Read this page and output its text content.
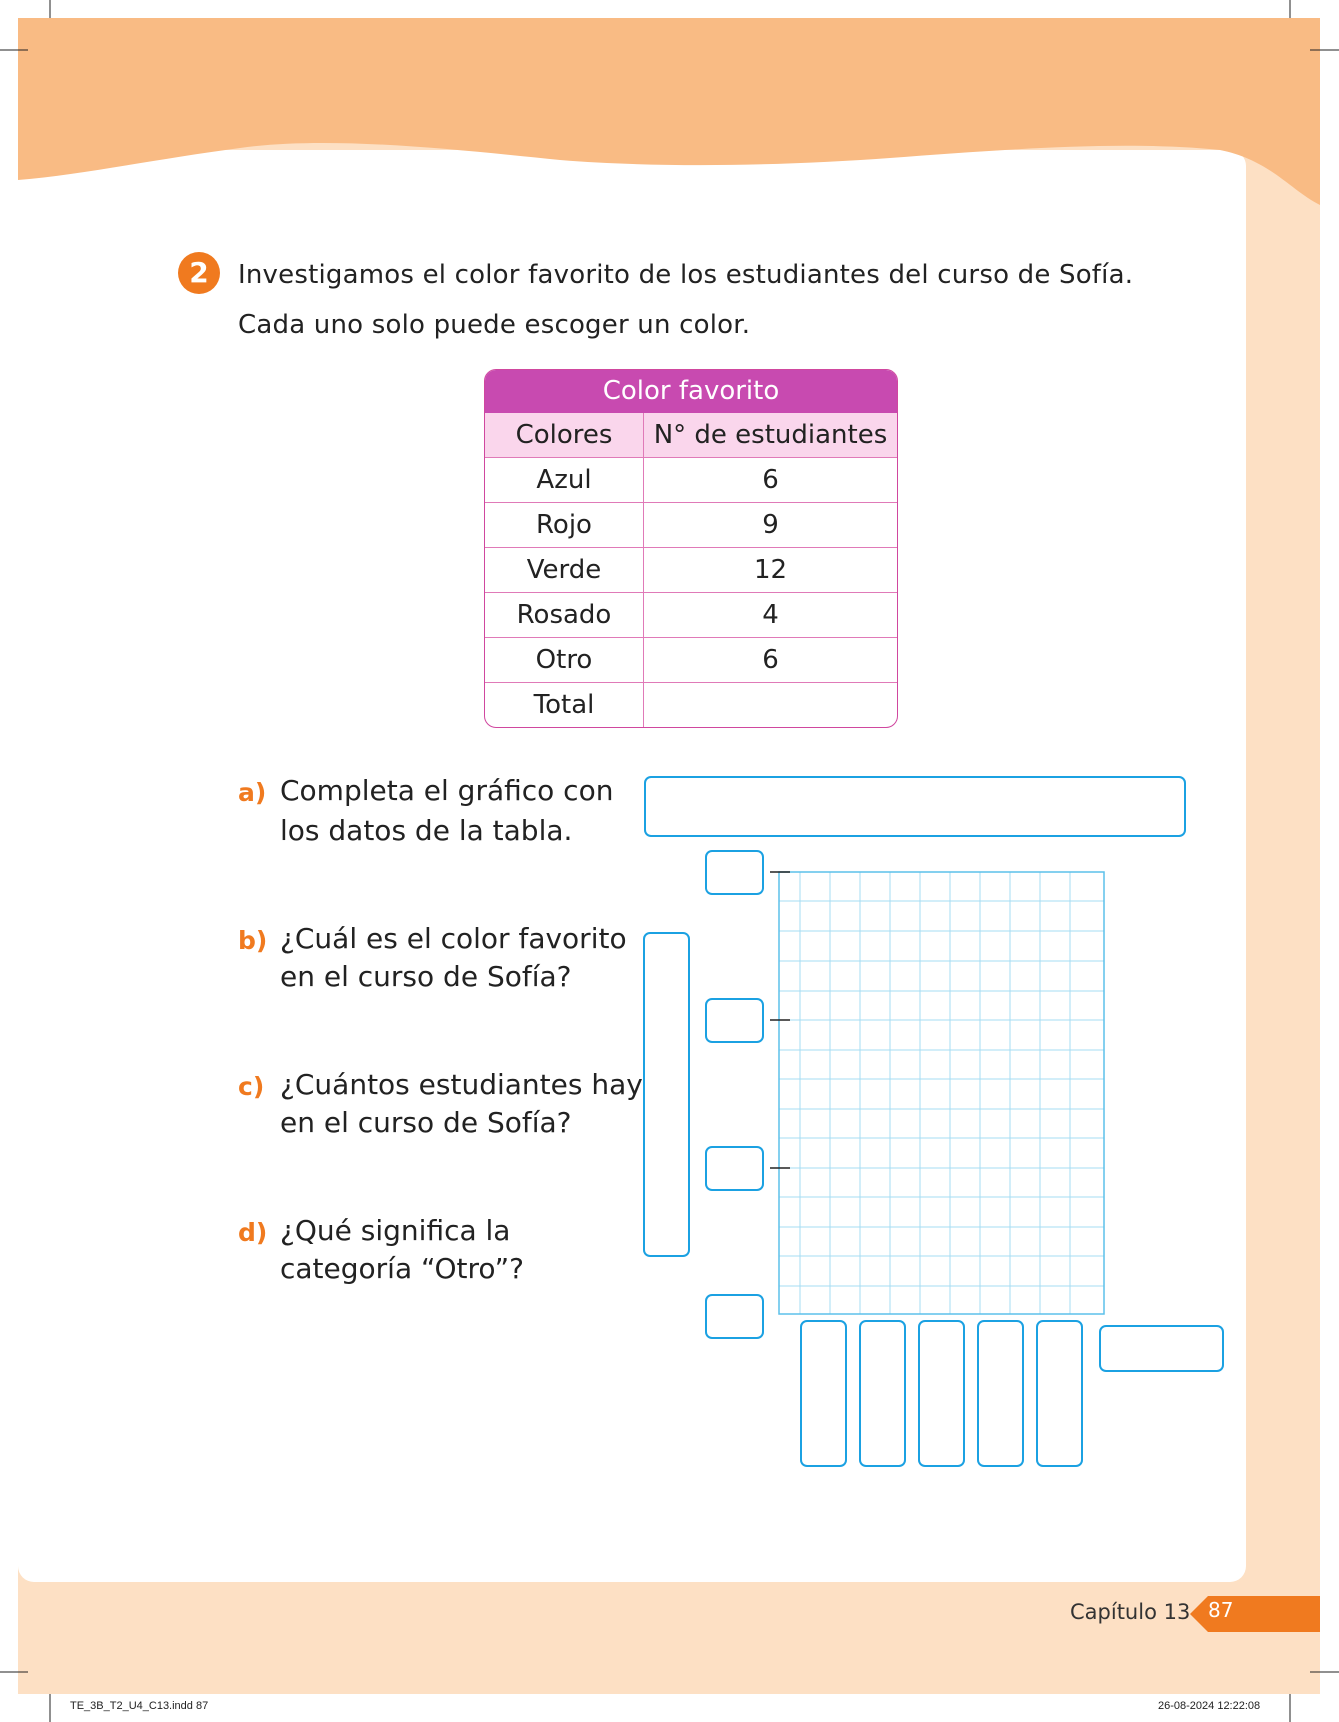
2	Investigamos el color favorito de los estudiantes del curso de Sofía.
Cada uno solo puede escoger un color.
Color favorito
Colores	N° de estudiantes
Azul	6
Rojo	9
Verde	12
Rosado	4
Otro	6
Total
a) Completa el gráfico con
los datos de la tabla.
b) ¿Cuál es el color favorito
en el curso de Sofía?
c) ¿Cuántos estudiantes hay
en el curso de Sofía?
d) ¿Qué significa la
categoría “Otro”?
Capítulo 13 87
TE_3B_T2_U4_C13.indd 87	26-08-2024 12:22:08
